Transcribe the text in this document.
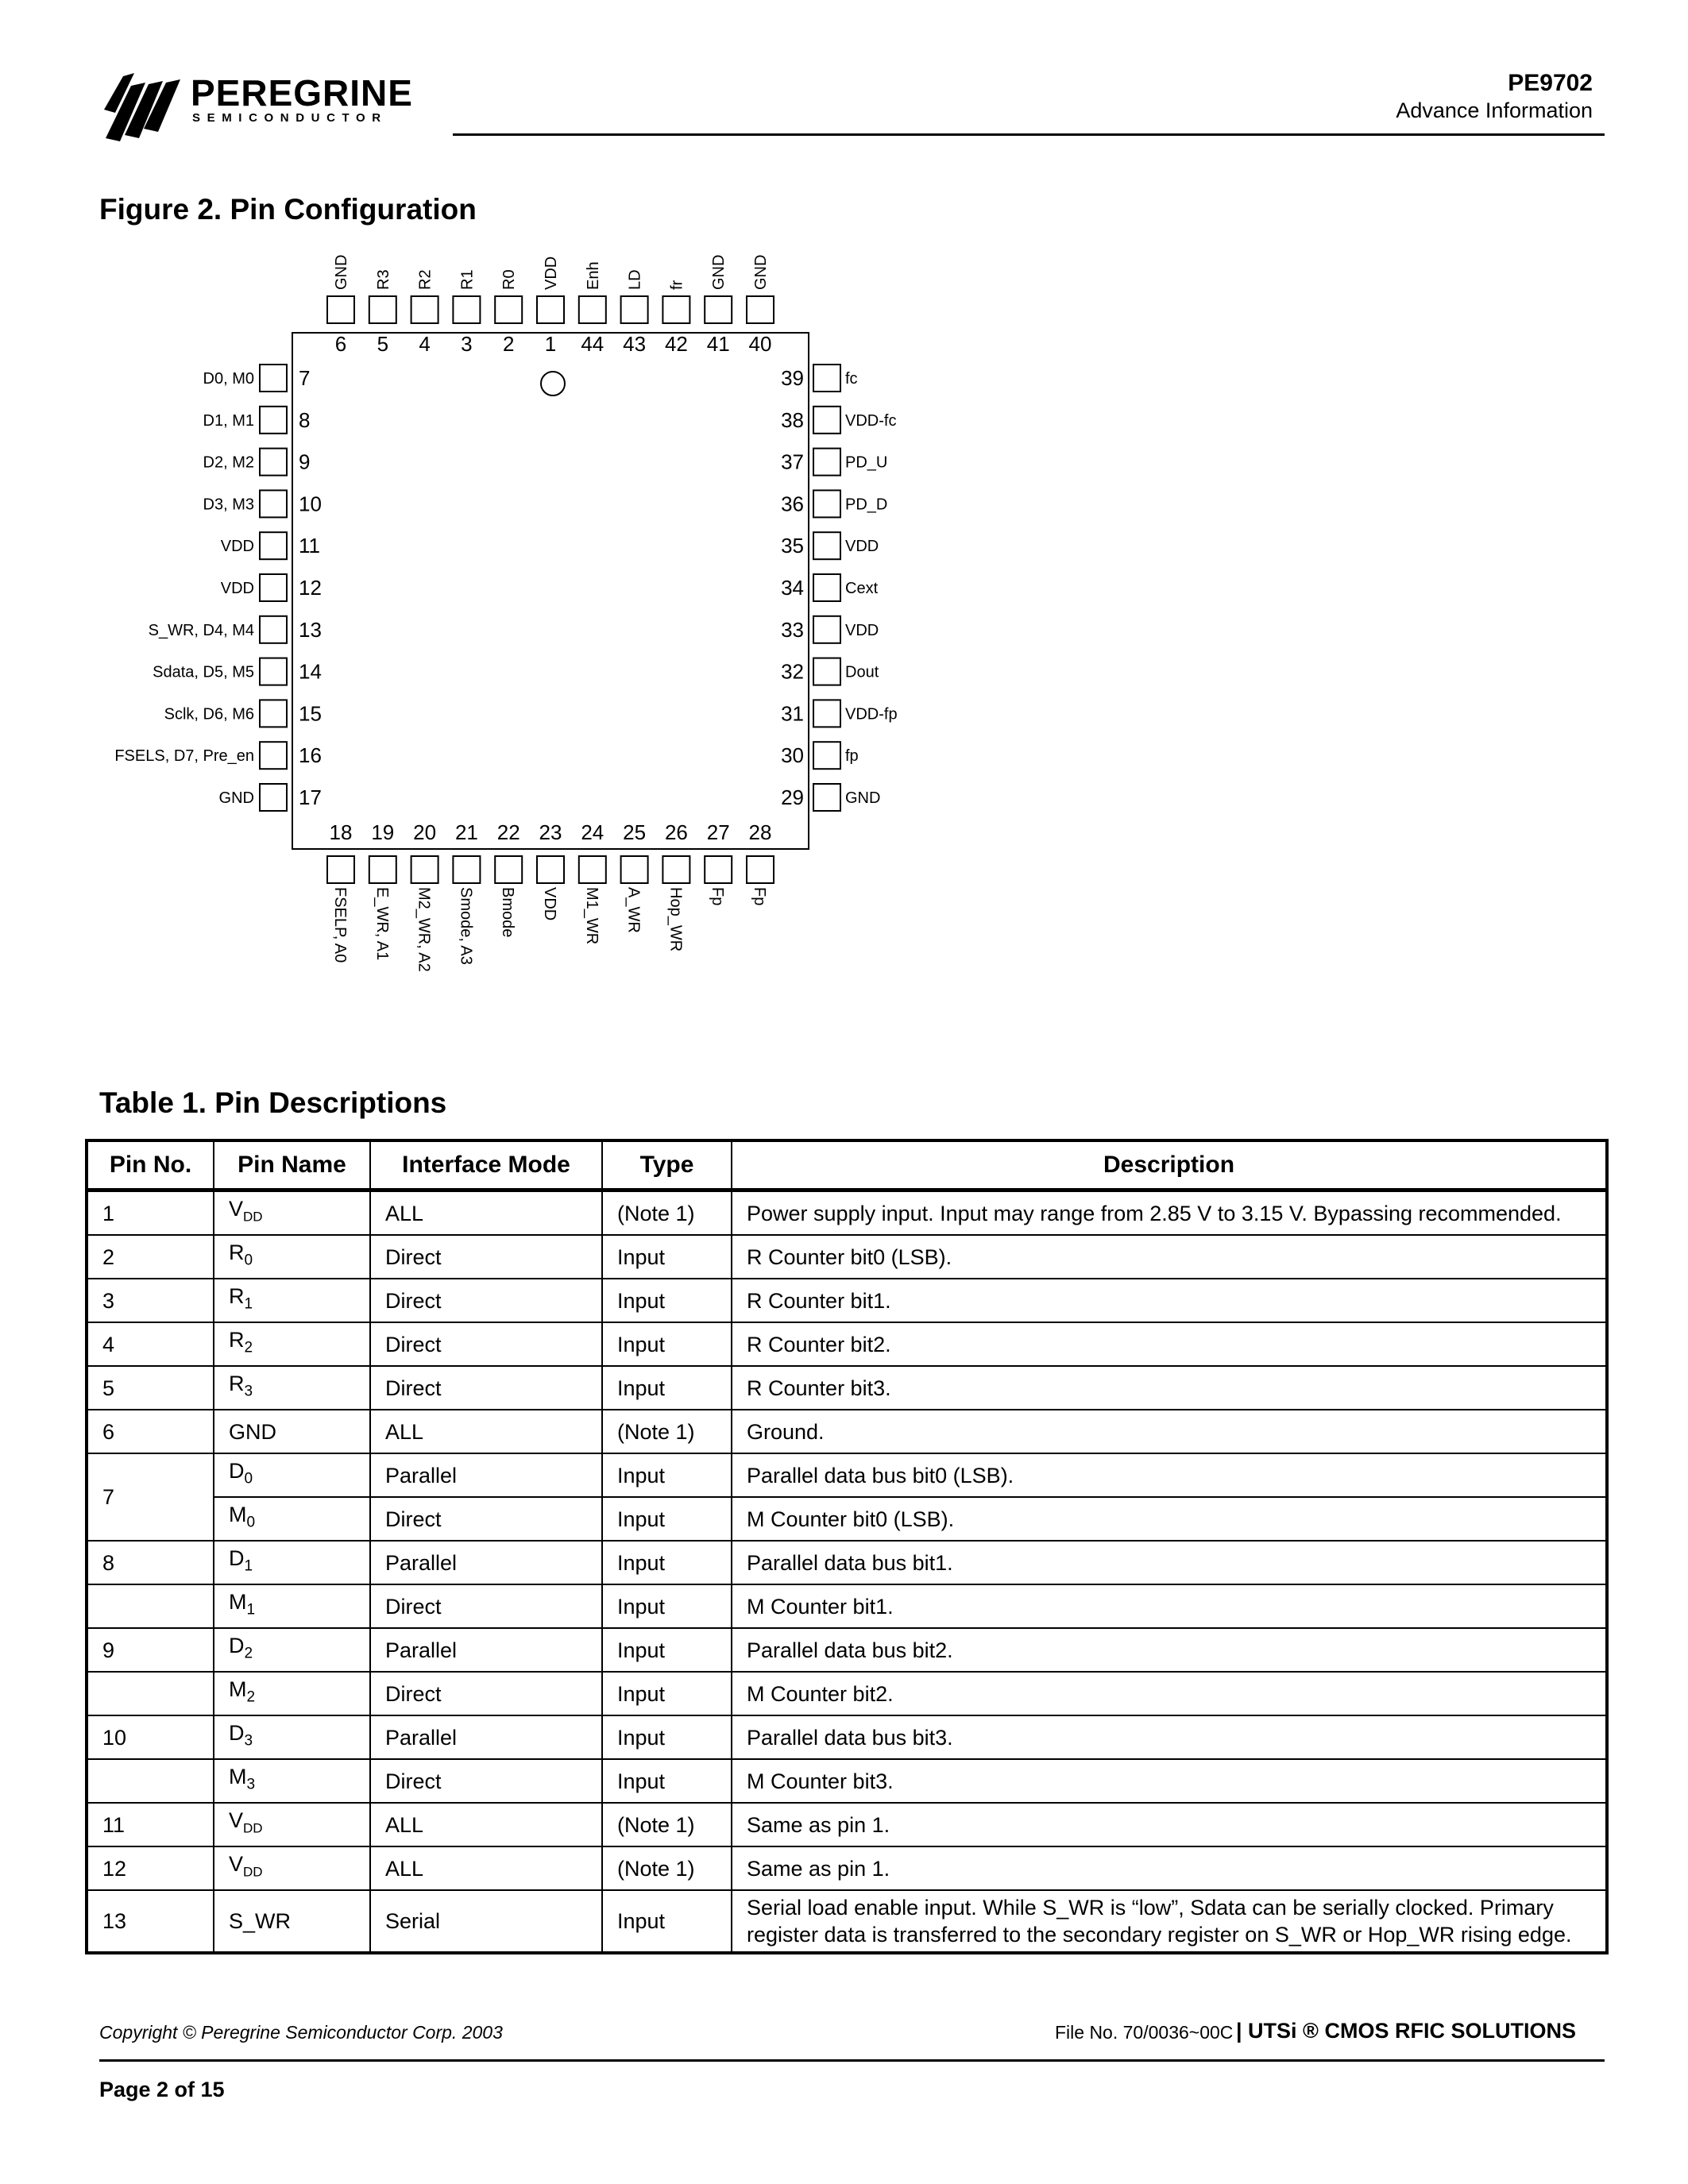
PEREGRINE
SEMICONDUCTOR
PE9702
Advance Information
Figure 2. Pin Configuration
6
GND
5
R3
4
R2
3
R1
2
R0
1
VDD
44
Enh
43
LD
42
fr
41
GND
40
GND
18
FSELP, A0
19
E_WR, A1
20
M2_WR, A2
21
Smode, A3
22
Bmode
23
VDD
24
M1_WR
25
A_WR
26
Hop_WR
27
Fp
28
Fp
D0, M0 7
D1, M1 8
D2, M2 9
D3, M3 10
VDD 11
VDD 12
S_WR, D4, M4 13
Sdata, D5, M5 14
Sclk, D6, M6 15
FSELS, D7, Pre_en 16
GND 17
39	fc
38	VDD-fc
37	PD_U
36	PD_D
35	VDD
34	Cext
33	VDD
32	Dout
31	VDD-fp
30	fp
29	GND
Table 1. Pin Descriptions
Pin No.	Pin Name	Interface Mode	Type	Description
1	$V_{DD}$	ALL	(Note 1)	Power supply input. Input may range from 2.85 V to 3.15 V. Bypassing recommended.
2	$R_0$	Direct	Input	R Counter bit0 (LSB).
3	$R_1$	Direct	Input	R Counter bit1.
4	$R_2$	Direct	Input	R Counter bit2.
5	$R_3$	Direct	Input	R Counter bit3.
6	GND	ALL	(Note 1)	Ground.
7	$D_0$	Parallel	Input	Parallel data bus bit0 (LSB).
	$M_0$	Direct	Input	M Counter bit0 (LSB).
8	$D_1$	Parallel	Input	Parallel data bus bit1.
	$M_1$	Direct	Input	M Counter bit1.
9	$D_2$	Parallel	Input	Parallel data bus bit2.
	$M_2$	Direct	Input	M Counter bit2.
10	$D_3$	Parallel	Input	Parallel data bus bit3.
	$M_3$	Direct	Input	M Counter bit3.
11	$V_{DD}$	ALL	(Note 1)	Same as pin 1.
12	$V_{DD}$	ALL	(Note 1)	Same as pin 1.
13	S_WR	Serial	Input	Serial load enable input. While S_WR is “low”, Sdata can be serially clocked. Primary register data is transferred to the secondary register on S_WR or Hop_WR rising edge.
Copyright © Peregrine Semiconductor Corp. 2003	File No. 70/0036~00C | UTSi ® CMOS RFIC SOLUTIONS
Page 2 of 15
